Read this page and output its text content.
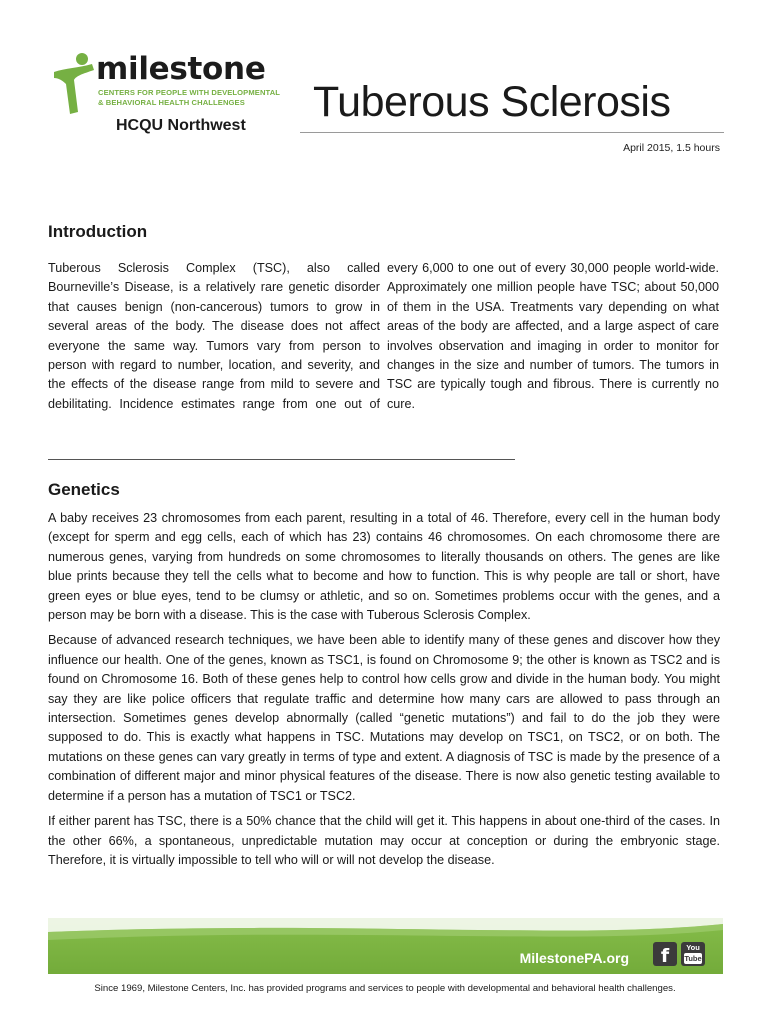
milestone
CENTERS FOR PEOPLE WITH DEVELOPMENTAL
& BEHAVIORAL HEALTH CHALLENGES
HCQU Northwest Tuberous Sclerosis
April 2015, 1.5 hours
Introduction

Tuberous Sclerosis Complex (TSC), also called Bourneville’s Disease, is a relatively rare genetic disorder that causes benign (non-cancerous) tumors to grow in several areas of the body. The disease does not affect everyone the same way. Tumors vary from person to person with regard to number, location, and severity, and the effects of the disease range from mild to severe and debilitating. Incidence estimates range from one out of every 6,000 to one out of every 30,000 people world-wide. Approximately one million people have TSC; about 50,000 of them in the USA. Treatments vary depending on what areas of the body are affected, and a large aspect of care involves observation and imaging in order to monitor for changes in the size and number of tumors. The tumors in TSC are typically tough and fibrous. There is currently no cure.

Genetics

A baby receives 23 chromosomes from each parent, resulting in a total of 46. Therefore, every cell in the human body (except for sperm and egg cells, each of which has 23) contains 46 chromosomes. On each chromosome there are numerous genes, varying from hundreds on some chromosomes to literally thousands on others. The genes are like blue prints because they tell the cells what to become and how to function. This is why people are tall or short, have green eyes or blue eyes, tend to be clumsy or athletic, and so on. Sometimes problems occur with the genes, and a person may be born with a disease. This is the case with Tuberous Sclerosis Complex.

Because of advanced research techniques, we have been able to identify many of these genes and discover how they influence our health. One of the genes, known as TSC1, is found on Chromosome 9; the other is known as TSC2 and is found on Chromosome 16. Both of these genes help to control how cells grow and divide in the human body. You might say they are like police officers that regulate traffic and determine how many cars are allowed to pass through an intersection. Sometimes genes develop abnormally (called “genetic mutations”) and fail to do the job they were supposed to do. This is exactly what happens in TSC. Mutations may develop on TSC1, on TSC2, or on both. The mutations on these genes can vary greatly in terms of type and extent. A diagnosis of TSC is made by the presence of a combination of different major and minor physical features of the disease. There is now also genetic testing available to determine if a person has a mutation of TSC1 or TSC2.

If either parent has TSC, there is a 50% chance that the child will get it. This happens in about one-third of the cases. In the other 66%, a spontaneous, unpredictable mutation may occur at conception or during the embryonic stage. Therefore, it is virtually impossible to tell who will or will not develop the disease.

MilestonePA.org	f	You
Tube
Since 1969, Milestone Centers, Inc. has provided programs and services to people with developmental and behavioral health challenges.
